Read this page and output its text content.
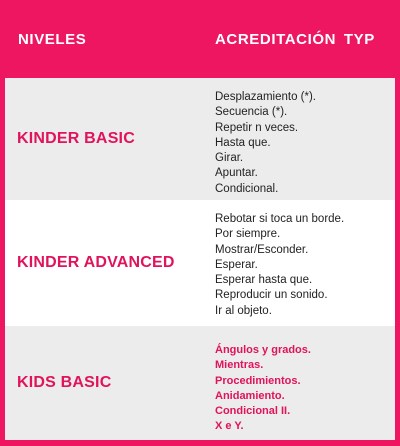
NIVELES	ACREDITACIÓN TYP
KINDER BASIC
Desplazamiento (*).
Secuencia (*).
Repetir n veces.
Hasta que.
Girar.
Apuntar.
Condicional.
KINDER ADVANCED
Rebotar si toca un borde.
Por siempre.
Mostrar/Esconder.
Esperar.
Esperar hasta que.
Reproducir un sonido.
Ir al objeto.
KIDS BASIC
Ángulos y grados.
Mientras.
Procedimientos.
Anidamiento.
Condicional II.
X e Y.
